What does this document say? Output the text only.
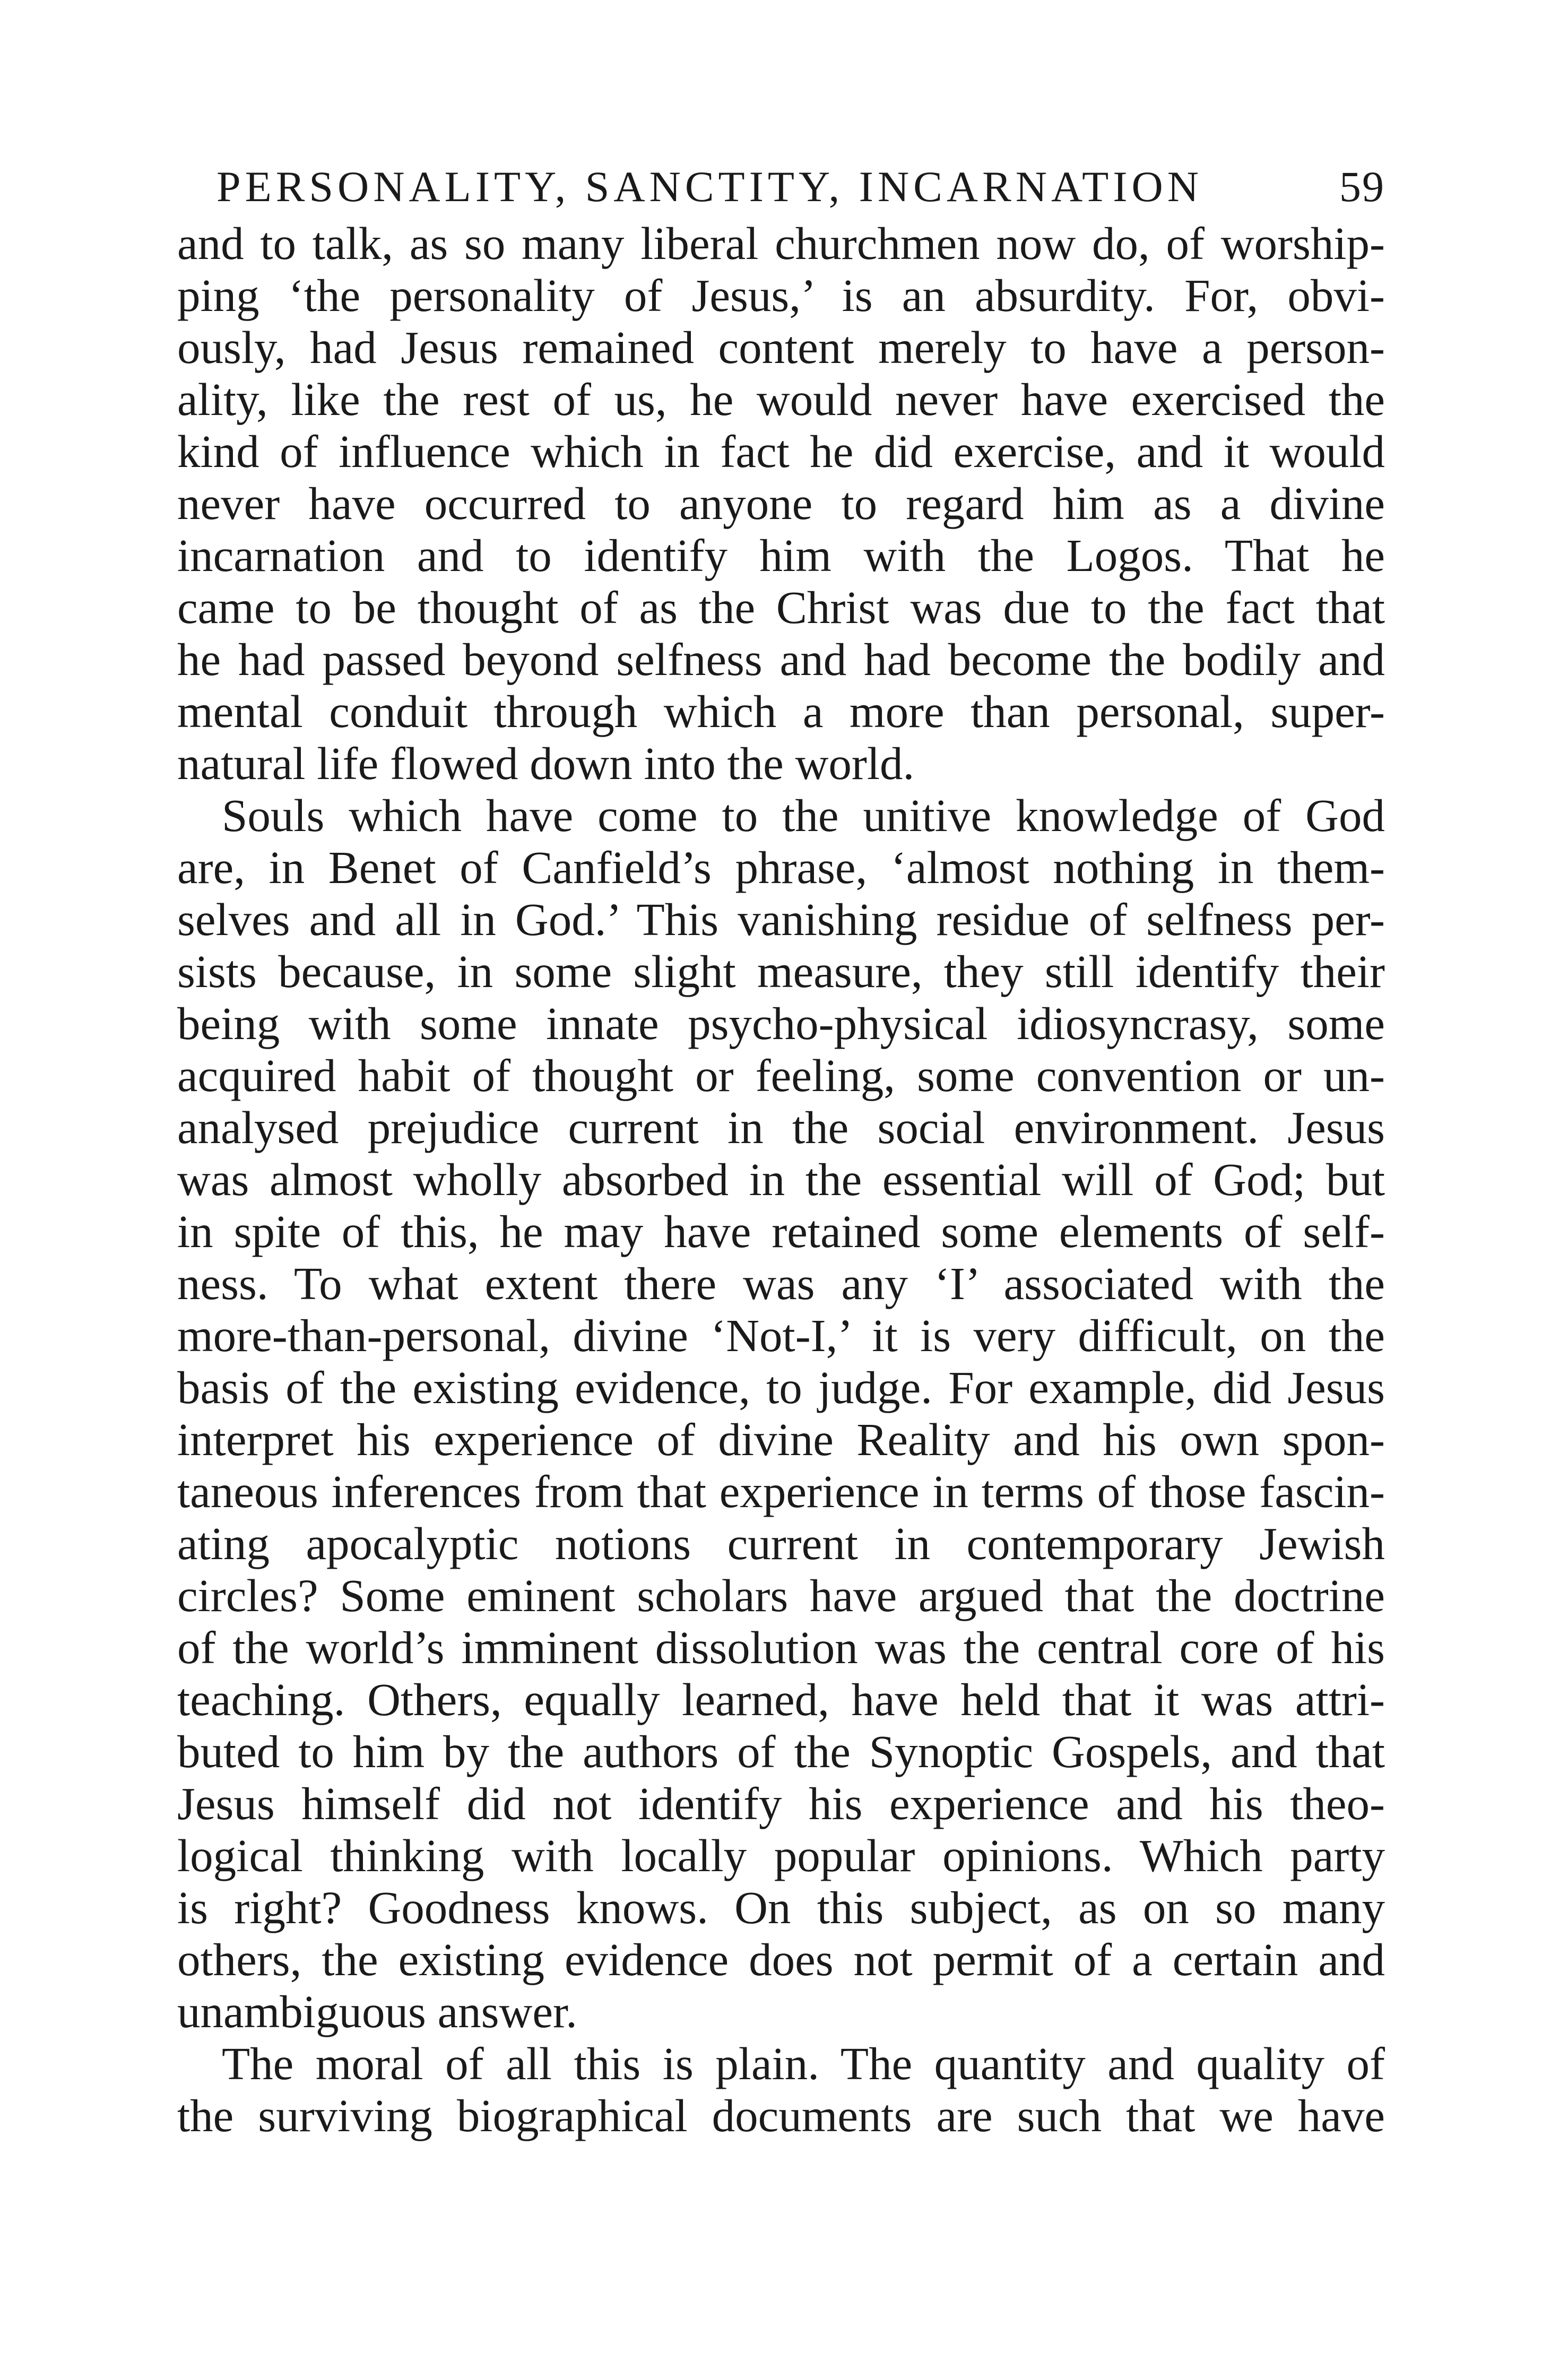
PERSONALITY, SANCTITY, INCARNATION	59
and to talk, as so many liberal churchmen now do, of worship-
ping ‘the personality of Jesus,’ is an absurdity. For, obvi-
ously, had Jesus remained content merely to have a person-
ality, like the rest of us, he would never have exercised the
kind of influence which in fact he did exercise, and it would
never have occurred to anyone to regard him as a divine
incarnation and to identify him with the Logos. That he
came to be thought of as the Christ was due to the fact that
he had passed beyond selfness and had become the bodily and
mental conduit through which a more than personal, super-
natural life flowed down into the world.
Souls which have come to the unitive knowledge of God
are, in Benet of Canfield’s phrase, ‘almost nothing in them-
selves and all in God.’ This vanishing residue of selfness per-
sists because, in some slight measure, they still identify their
being with some innate psycho-physical idiosyncrasy, some
acquired habit of thought or feeling, some convention or un-
analysed prejudice current in the social environment. Jesus
was almost wholly absorbed in the essential will of God; but
in spite of this, he may have retained some elements of self-
ness. To what extent there was any ‘I’ associated with the
more-than-personal, divine ‘Not-I,’ it is very difficult, on the
basis of the existing evidence, to judge. For example, did Jesus
interpret his experience of divine Reality and his own spon-
taneous inferences from that experience in terms of those fascin-
ating apocalyptic notions current in contemporary Jewish
circles? Some eminent scholars have argued that the doctrine
of the world’s imminent dissolution was the central core of his
teaching. Others, equally learned, have held that it was attri-
buted to him by the authors of the Synoptic Gospels, and that
Jesus himself did not identify his experience and his theo-
logical thinking with locally popular opinions. Which party
is right? Goodness knows. On this subject, as on so many
others, the existing evidence does not permit of a certain and
unambiguous answer.
The moral of all this is plain. The quantity and quality of
the surviving biographical documents are such that we have
